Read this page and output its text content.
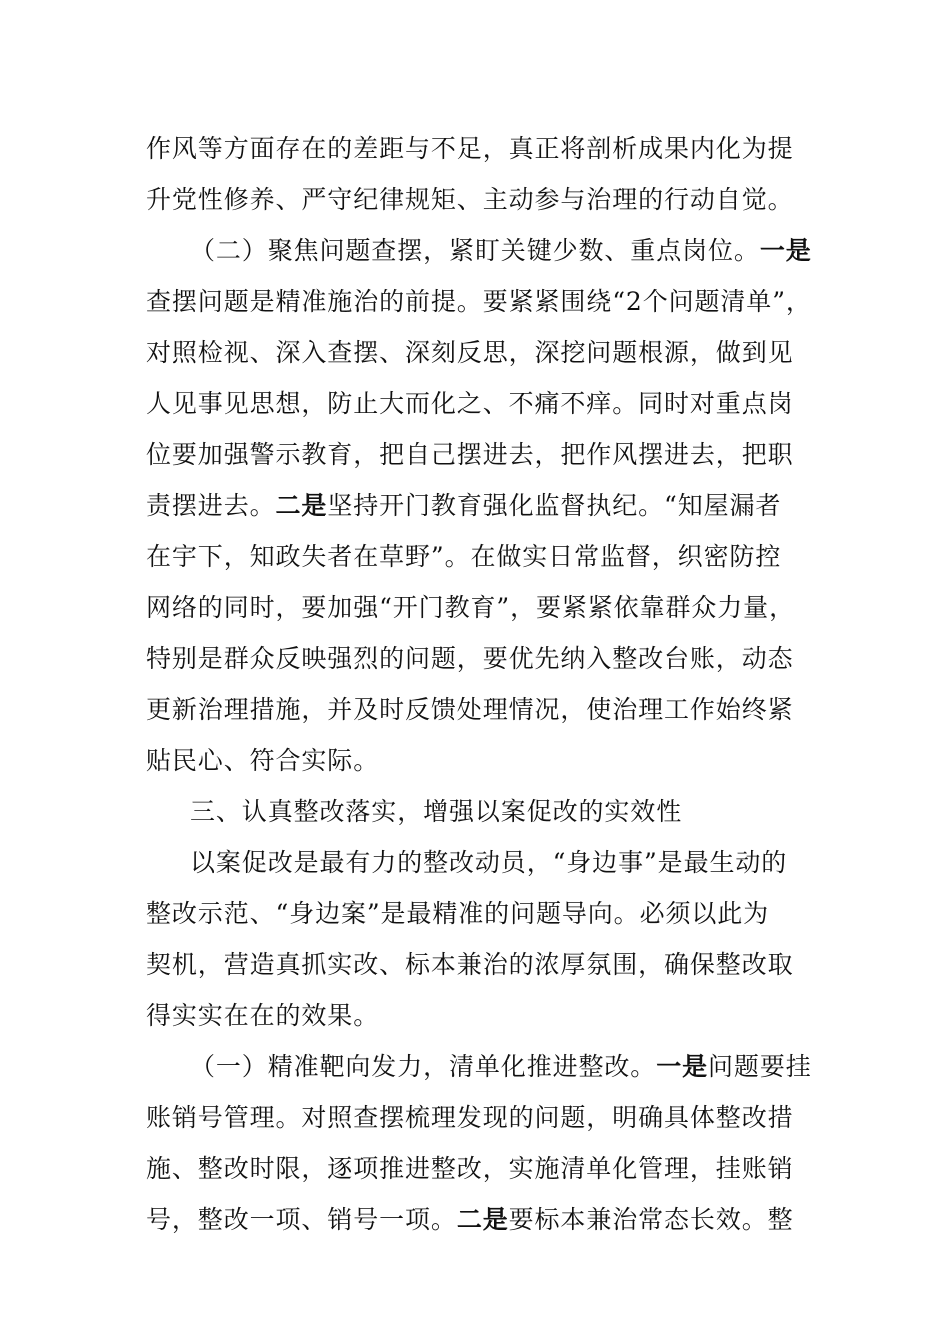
作风等方面存在的差距与不足，真正将剖析成果内化为提
升党性修养、严守纪律规矩、主动参与治理的行动自觉。
（二）聚焦问题查摆，紧盯关键少数、重点岗位。一是
查摆问题是精准施治的前提。要紧紧围绕“2个问题清单”，
对照检视、深入查摆、深刻反思，深挖问题根源，做到见
人见事见思想，防止大而化之、不痛不痒。同时对重点岗
位要加强警示教育，把自己摆进去，把作风摆进去，把职
责摆进去。二是坚持开门教育强化监督执纪。“知屋漏者
在宇下，知政失者在草野”。在做实日常监督，织密防控
网络的同时，要加强“开门教育”，要紧紧依靠群众力量，
特别是群众反映强烈的问题，要优先纳入整改台账，动态
更新治理措施，并及时反馈处理情况，使治理工作始终紧
贴民心、符合实际。
三、认真整改落实，增强以案促改的实效性
以案促改是最有力的整改动员，“身边事”是最生动的
整改示范、“身边案”是最精准的问题导向。必须以此为
契机，营造真抓实改、标本兼治的浓厚氛围，确保整改取
得实实在在的效果。
（一）精准靶向发力，清单化推进整改。一是问题要挂
账销号管理。对照查摆梳理发现的问题，明确具体整改措
施、整改时限，逐项推进整改，实施清单化管理，挂账销
号，整改一项、销号一项。二是要标本兼治常态长效。整
